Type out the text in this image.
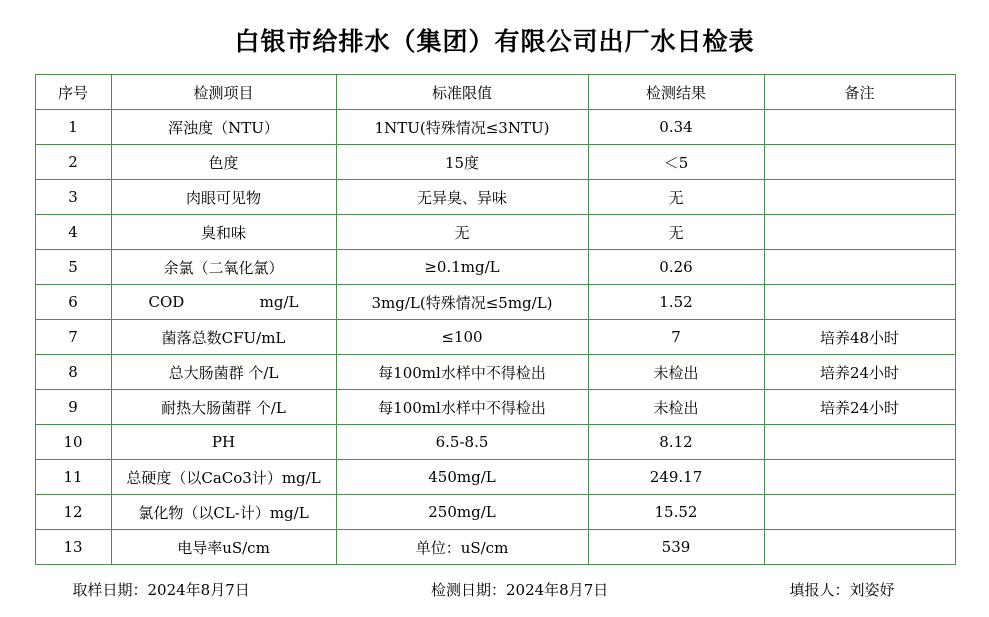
白银市给排水（集团）有限公司出厂水日检表
序号	检测项目	标准限值	检测结果	备注
1	浑浊度（NTU）	1NTU(特殊情况≤3NTU)	0.34	
2	色度	15度	＜5	
3	肉眼可见物	无异臭、异味	无	
4	臭和味	无	无	
5	余氯（二氧化氯）	≥0.1mg/L	0.26	
6	COD mg/L	3mg/L(特殊情况≤5mg/L)	1.52	
7	菌落总数CFU/mL	≤100	7	培养48小时
8	总大肠菌群 个/L	每100ml水样中不得检出	未检出	培养24小时
9	耐热大肠菌群 个/L	每100ml水样中不得检出	未检出	培养24小时
10	PH	6.5-8.5	8.12	
11	总硬度（以CaCo3计）mg/L	450mg/L	249.17	
12	氯化物（以CL-计）mg/L	250mg/L	15.52	
13	电导率uS/cm	单位：uS/cm	539	
取样日期：2024年8月7日	检测日期：2024年8月7日	填报人：刘姿妤
